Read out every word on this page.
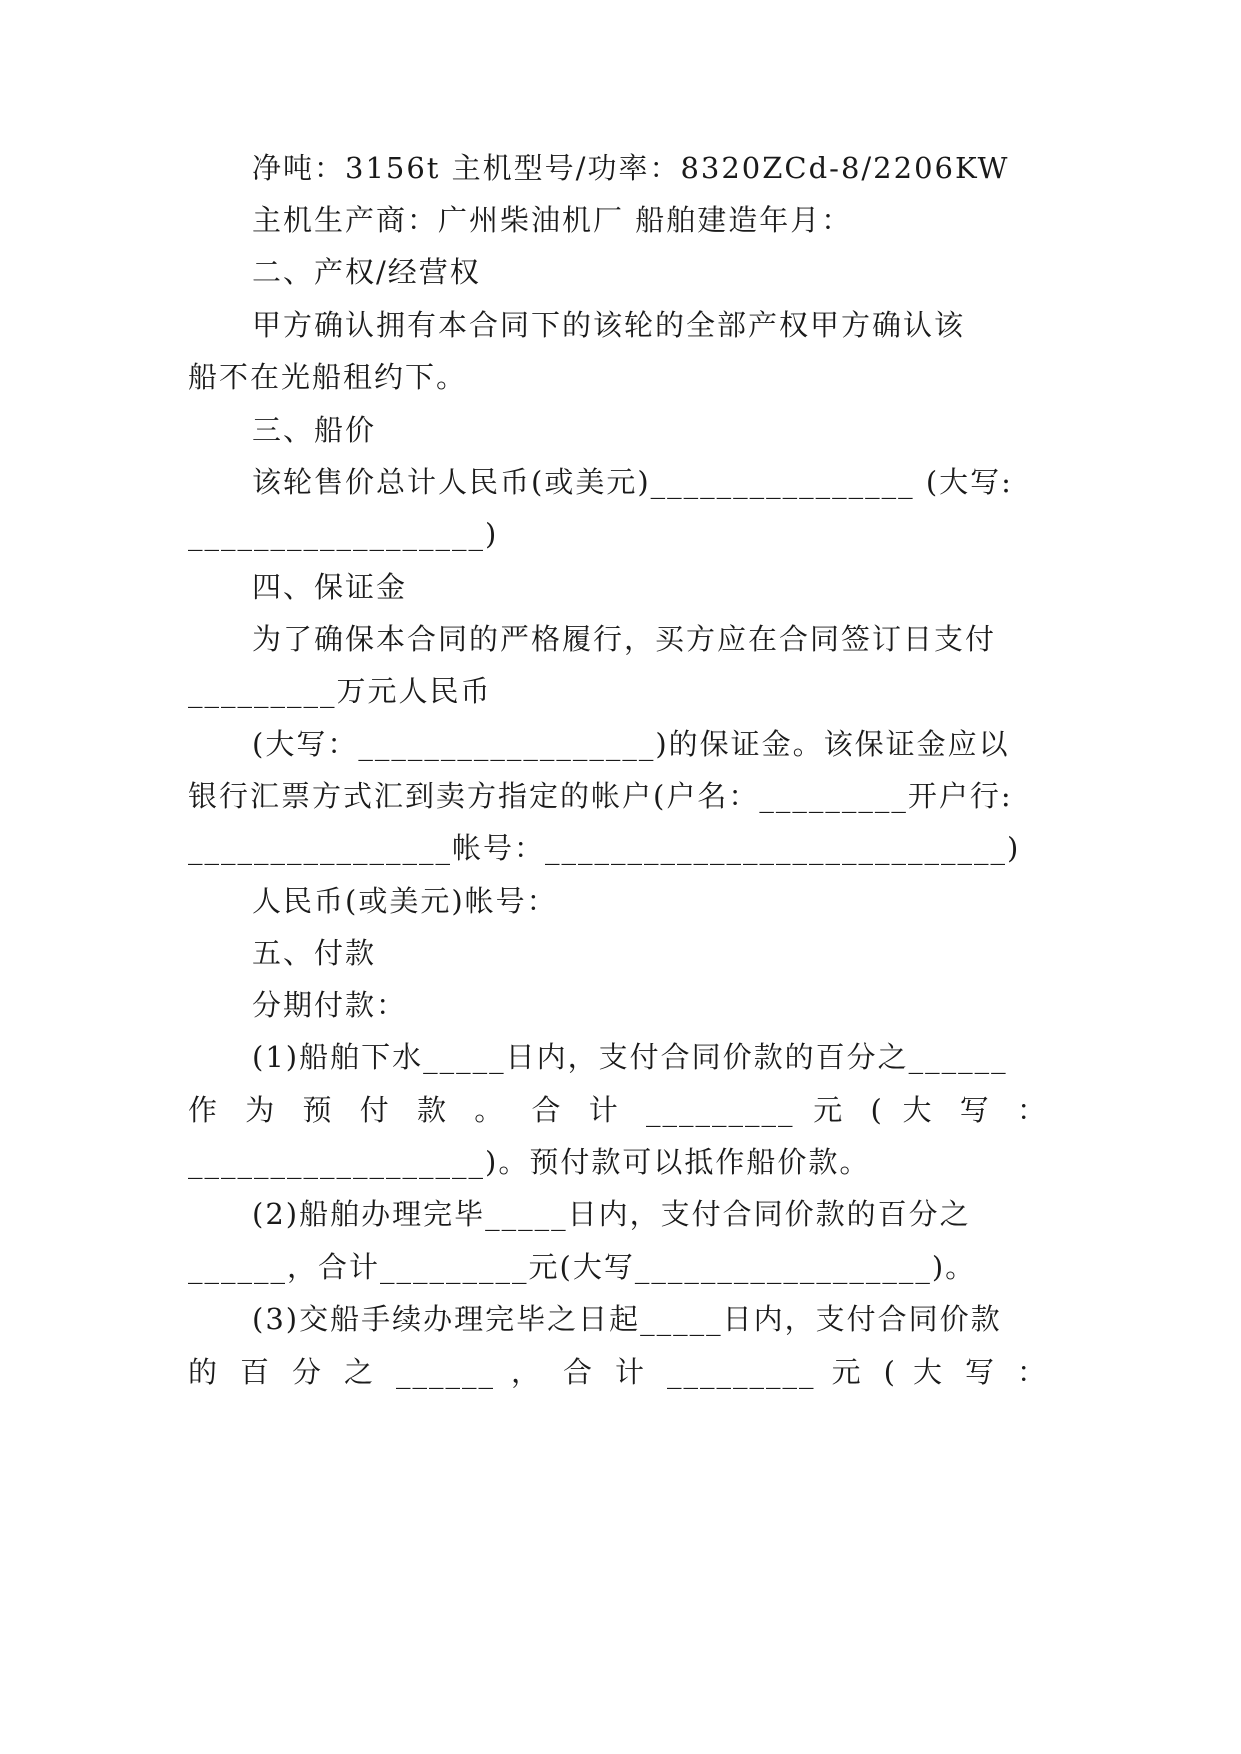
净吨：3156t 主机型号/功率：8320ZCd-8/2206KW
主机生产商：广州柴油机厂 船舶建造年月：
二、产权/经营权
甲方确认拥有本合同下的该轮的全部产权甲方确认该
船不在光船租约下。
三、船价
该轮售价总计人民币(或美元)________________ (大写:
__________________)
四、保证金
为了确保本合同的严格履行，买方应在合同签订日支付
_________万元人民币
(大写：__________________)的保证金。该保证金应以
银行汇票方式汇到卖方指定的帐户(户名：_________开户行:
________________帐号：____________________________)
人民币(或美元)帐号：
五、付款
分期付款：
(1)船舶下水_____日内，支付合同价款的百分之______
作 为 预 付 款 。 合 计 _________ 元 ( 大 写 ：
__________________)。预付款可以抵作船价款。
(2)船舶办理完毕_____日内，支付合同价款的百分之
______，合计_________元(大写__________________)。
(3)交船手续办理完毕之日起_____日内，支付合同价款
的 百 分 之 ______ ， 合 计 _________ 元 ( 大 写 ：
